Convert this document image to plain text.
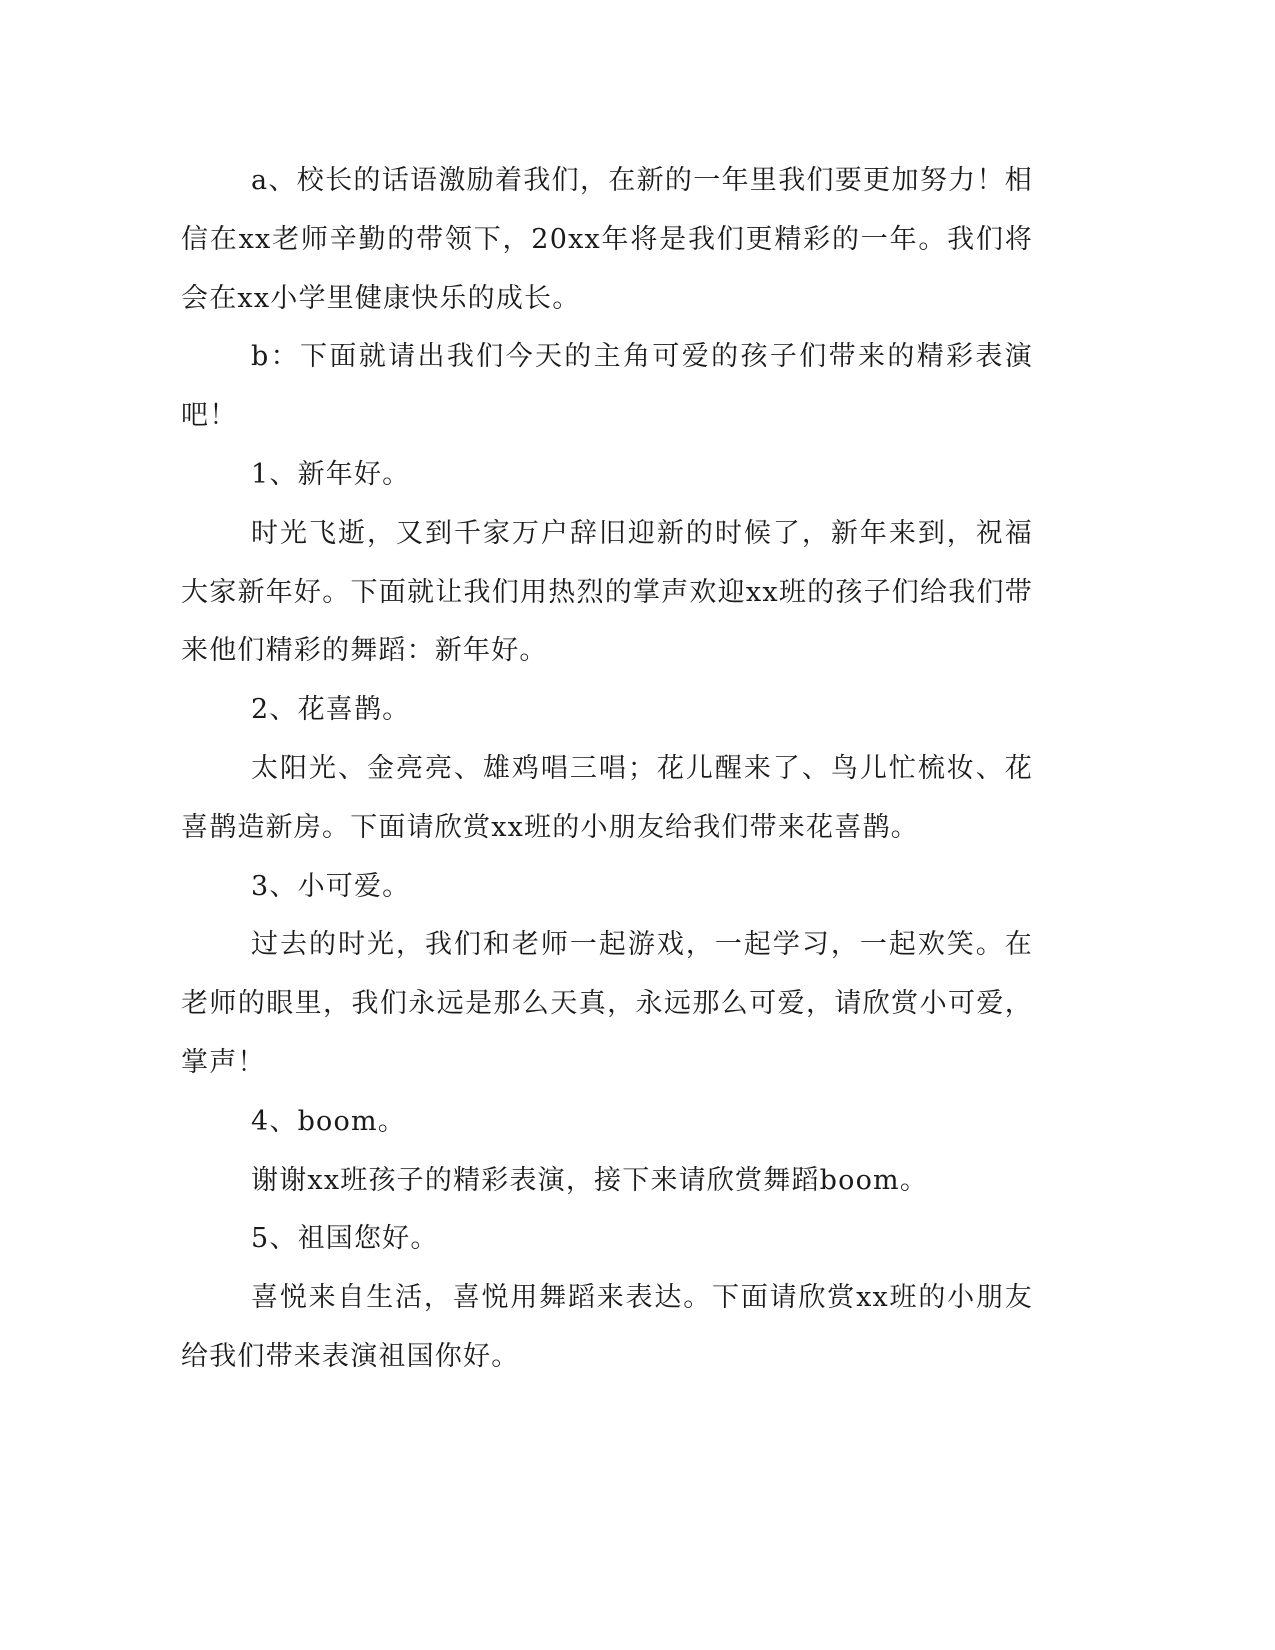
a、校长的话语激励着我们，在新的一年里我们要更加努力！相信在xx老师辛勤的带领下，20xx年将是我们更精彩的一年。我们将会在xx小学里健康快乐的成长。

b：下面就请出我们今天的主角可爱的孩子们带来的精彩表演吧！

1、新年好。

时光飞逝，又到千家万户辞旧迎新的时候了，新年来到，祝福大家新年好。下面就让我们用热烈的掌声欢迎xx班的孩子们给我们带来他们精彩的舞蹈：新年好。

2、花喜鹊。

太阳光、金亮亮、雄鸡唱三唱；花儿醒来了、鸟儿忙梳妆、花喜鹊造新房。下面请欣赏xx班的小朋友给我们带来花喜鹊。

3、小可爱。

过去的时光，我们和老师一起游戏，一起学习，一起欢笑。在老师的眼里，我们永远是那么天真，永远那么可爱，请欣赏小可爱，掌声！

4、boom。

谢谢xx班孩子的精彩表演，接下来请欣赏舞蹈boom。

5、祖国您好。

喜悦来自生活，喜悦用舞蹈来表达。下面请欣赏xx班的小朋友给我们带来表演祖国你好。
